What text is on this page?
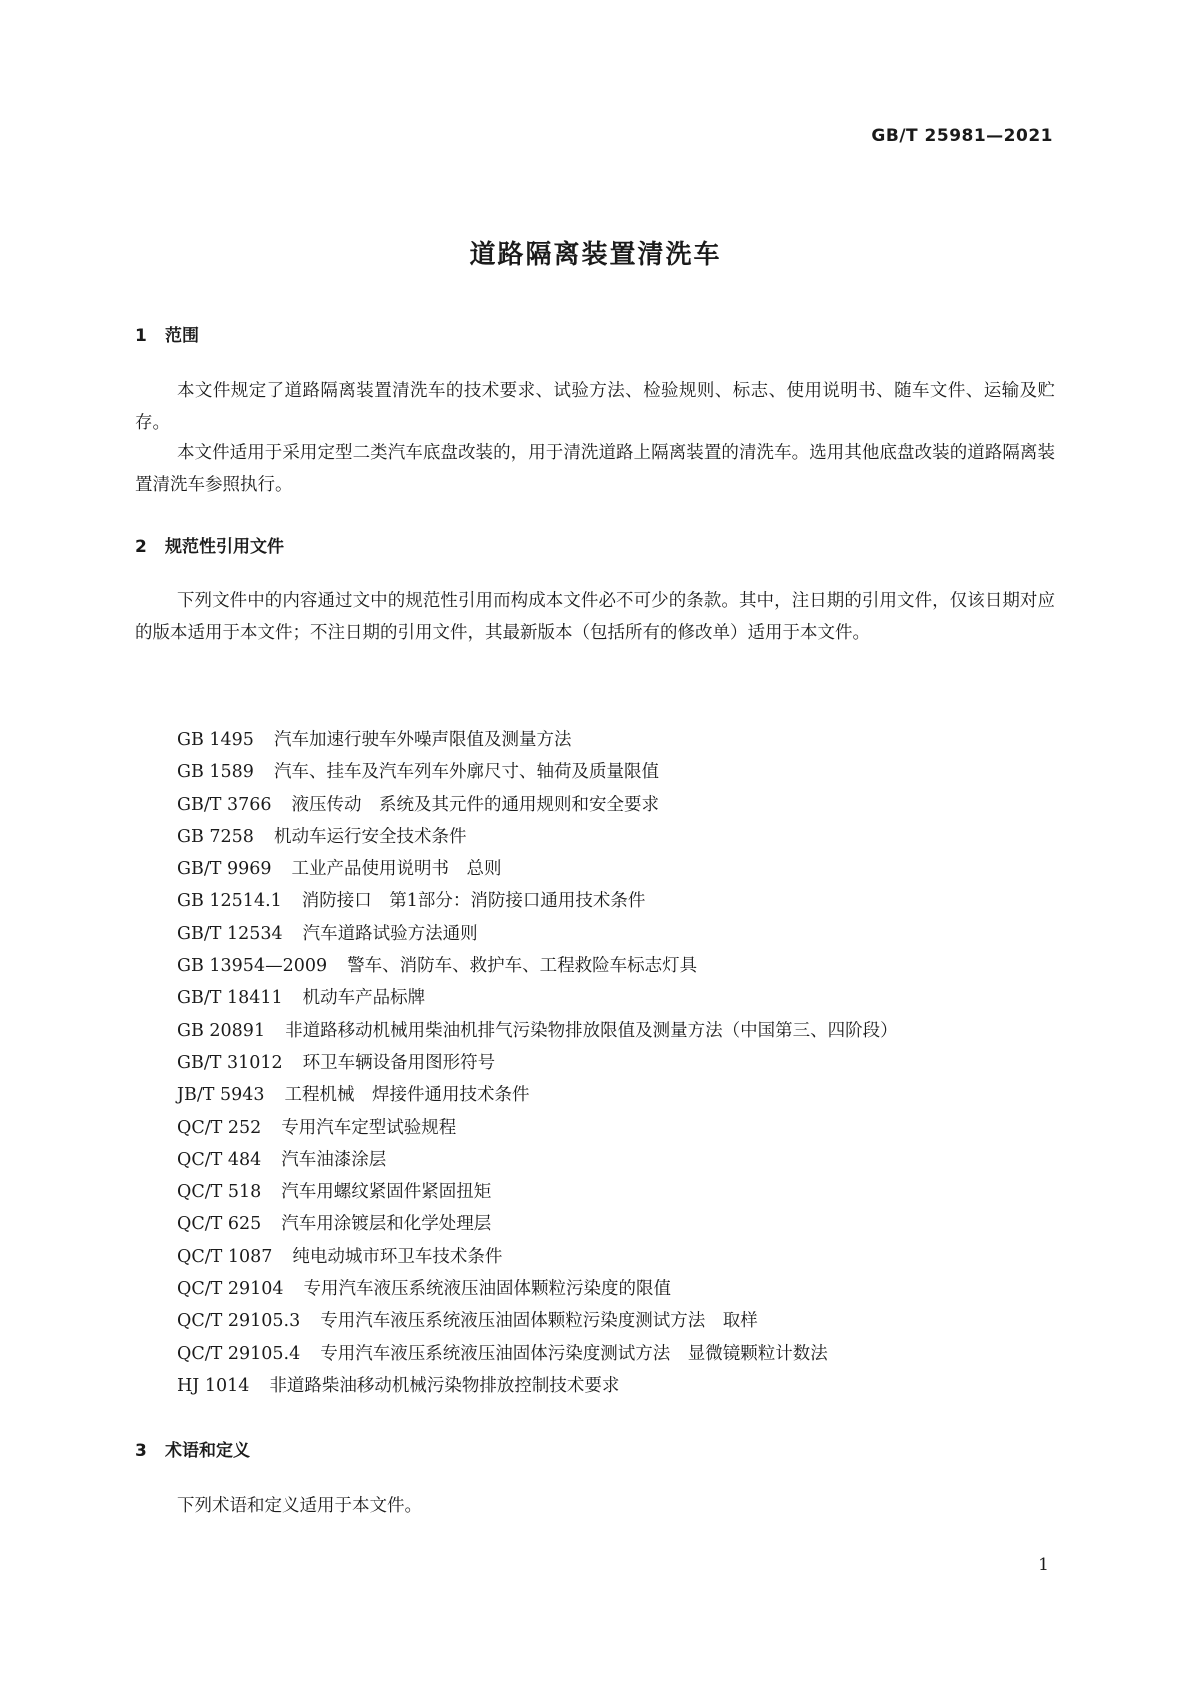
GB/T 25981—2021
道路隔离装置清洗车
1 范围

本文件规定了道路隔离装置清洗车的技术要求、试验方法、检验规则、标志、使用说明书、随车文件、运输及贮存。

本文件适用于采用定型二类汽车底盘改装的，用于清洗道路上隔离装置的清洗车。选用其他底盘改装的道路隔离装置清洗车参照执行。

2 规范性引用文件

下列文件中的内容通过文中的规范性引用而构成本文件必不可少的条款。其中，注日期的引用文件，仅该日期对应的版本适用于本文件；不注日期的引用文件，其最新版本（包括所有的修改单）适用于本文件。

GB 1495 汽车加速行驶车外噪声限值及测量方法
GB 1589 汽车、挂车及汽车列车外廓尺寸、轴荷及质量限值
GB/T 3766 液压传动　系统及其元件的通用规则和安全要求
GB 7258 机动车运行安全技术条件
GB/T 9969 工业产品使用说明书　总则
GB 12514.1 消防接口　第1部分：消防接口通用技术条件
GB/T 12534 汽车道路试验方法通则
GB 13954—2009 警车、消防车、救护车、工程救险车标志灯具
GB/T 18411 机动车产品标牌
GB 20891 非道路移动机械用柴油机排气污染物排放限值及测量方法（中国第三、四阶段）
GB/T 31012 环卫车辆设备用图形符号
JB/T 5943 工程机械　焊接件通用技术条件
QC/T 252 专用汽车定型试验规程
QC/T 484 汽车油漆涂层
QC/T 518 汽车用螺纹紧固件紧固扭矩
QC/T 625 汽车用涂镀层和化学处理层
QC/T 1087 纯电动城市环卫车技术条件
QC/T 29104 专用汽车液压系统液压油固体颗粒污染度的限值
QC/T 29105.3 专用汽车液压系统液压油固体颗粒污染度测试方法　取样
QC/T 29105.4 专用汽车液压系统液压油固体污染度测试方法　显微镜颗粒计数法
HJ 1014 非道路柴油移动机械污染物排放控制技术要求
3 术语和定义

下列术语和定义适用于本文件。

1
